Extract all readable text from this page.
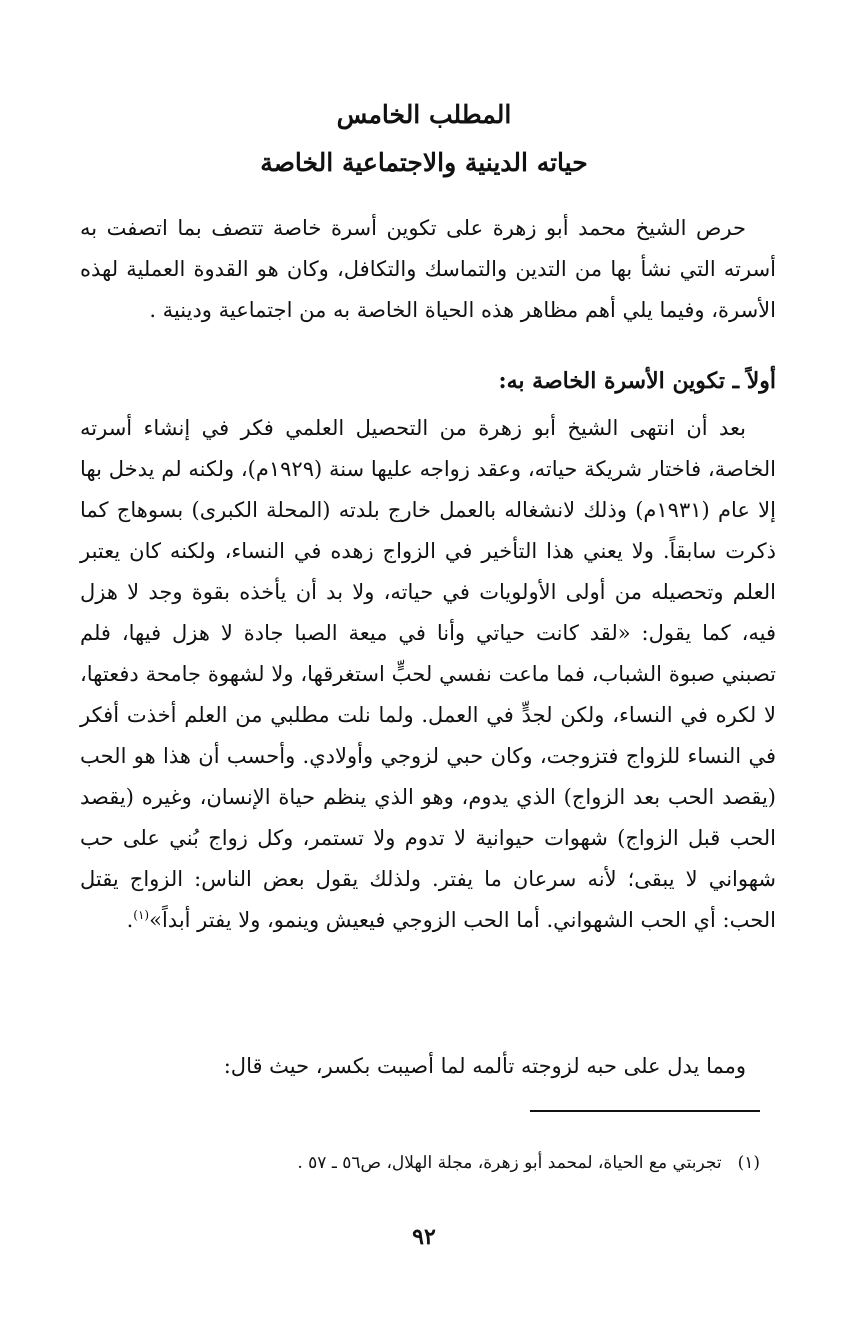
المطلب الخامس
حياته الدينية والاجتماعية الخاصة

حرص الشيخ محمد أبو زهرة على تكوين أسرة خاصة تتصف بما اتصفت به أسرته التي نشأ بها من التدين والتماسك والتكافل، وكان هو القدوة العملية لهذه الأسرة، وفيما يلي أهم مظاهر هذه الحياة الخاصة به من اجتماعية ودينية .

أولاً ـ تكوين الأسرة الخاصة به:

بعد أن انتهى الشيخ أبو زهرة من التحصيل العلمي فكر في إنشاء أسرته الخاصة، فاختار شريكة حياته، وعقد زواجه عليها سنة (١٩٢٩م)، ولكنه لم يدخل بها إلا عام (١٩٣١م) وذلك لانشغاله بالعمل خارج بلدته (المحلة الكبرى) بسوهاج كما ذكرت سابقاً. ولا يعني هذا التأخير في الزواج زهده في النساء، ولكنه كان يعتبر العلم وتحصيله من أولى الأولويات في حياته، ولا بد أن يأخذه بقوة وجد لا هزل فيه، كما يقول: «لقد كانت حياتي وأنا في ميعة الصبا جادة لا هزل فيها، فلم تصبني صبوة الشباب، فما ماعت نفسي لحبٍّ استغرقها، ولا لشهوة جامحة دفعتها، لا لكره في النساء، ولكن لجدٍّ في العمل. ولما نلت مطلبي من العلم أخذت أفكر في النساء للزواج فتزوجت، وكان حبي لزوجي وأولادي. وأحسب أن هذا هو الحب (يقصد الحب بعد الزواج) الذي يدوم، وهو الذي ينظم حياة الإنسان، وغيره (يقصد الحب قبل الزواج) شهوات حيوانية لا تدوم ولا تستمر، وكل زواج بُني على حب شهواني لا يبقى؛ لأنه سرعان ما يفتر. ولذلك يقول بعض الناس: الزواج يقتل الحب: أي الحب الشهواني. أما الحب الزوجي فيعيش وينمو، ولا يفتر أبداً»$^{(١)}$.

ومما يدل على حبه لزوجته تألمه لما أصيبت بكسر، حيث قال:

(١)تجربتي مع الحياة، لمحمد أبو زهرة، مجلة الهلال، ص٥٦ ـ ٥٧ .

٩٢
